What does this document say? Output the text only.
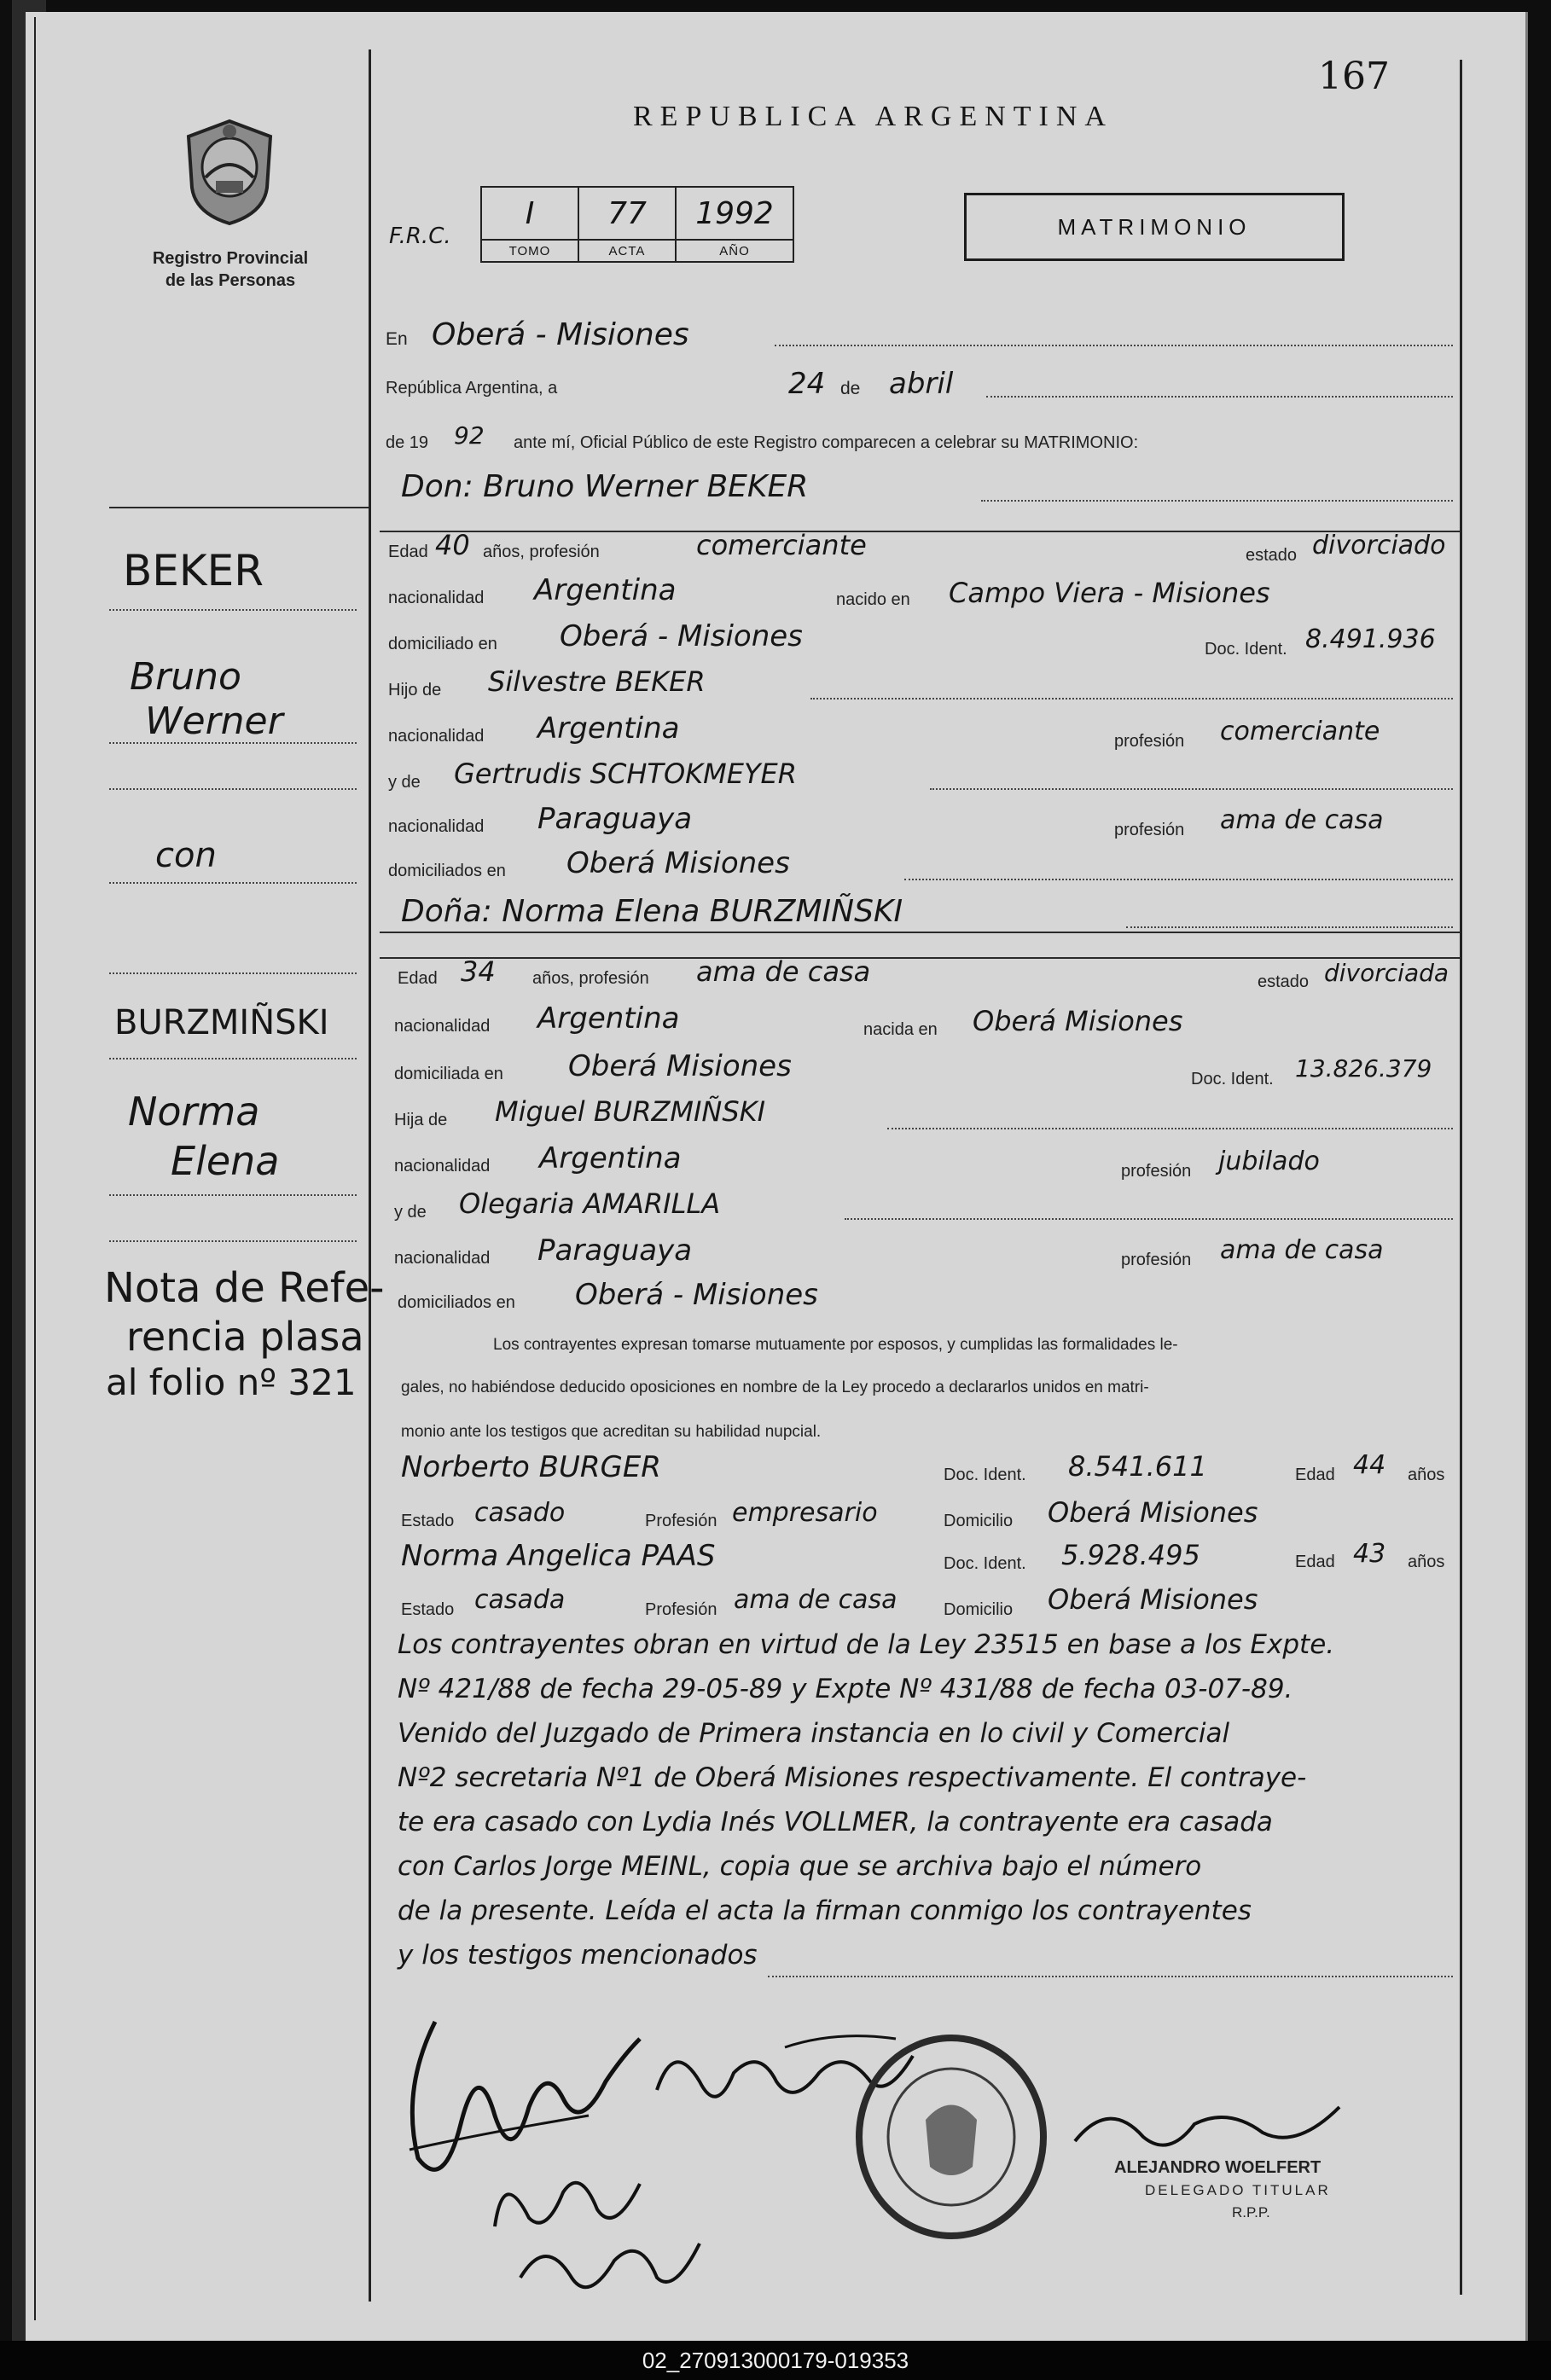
167
REPUBLICA ARGENTINA
Registro Provincial
de las Personas
F.R.C.
I	77	1992
TOMO	ACTA	AÑO
MATRIMONIO
En Oberá - Misiones
República Argentina, a	24 de abril
de 19 92 ante mí, Oficial Público de este Registro comparecen a celebrar su MATRIMONIO:
Don: Bruno Werner BEKER
Edad 40 años, profesión	comerciante	estado divorciado
nacionalidad Argentina	nacido en Campo Viera - Misiones
domiciliado en Oberá - Misiones	Doc. Ident. 8.491.936
Hijo de Silvestre BEKER
nacionalidad Argentina	profesión comerciante
y de Gertrudis SCHTOKMEYER
nacionalidad Paraguaya	profesión ama de casa
domiciliados en Oberá Misiones
Doña: Norma Elena BURZMIÑSKI
Edad 34 años, profesión ama de casa	estado divorciada
nacionalidad Argentina	nacida en Oberá Misiones
domiciliada en Oberá Misiones	Doc. Ident. 13.826.379
Hija de Miguel BURZMIÑSKI
nacionalidad Argentina	profesión jubilado
y de Olegaria AMARILLA
nacionalidad Paraguaya	profesión ama de casa
domiciliados en Oberá - Misiones
Los contrayentes expresan tomarse mutuamente por esposos, y cumplidas las formalidades le-
gales, no habiéndose deducido oposiciones en nombre de la Ley procedo a declararlos unidos en matri-
monio ante los testigos que acreditan su habilidad nupcial.
Norberto BURGER	Doc. Ident. 8.541.611	Edad 44 años
Estado casado	Profesión empresario	Domicilio Oberá Misiones
Norma Angelica PAAS	Doc. Ident. 5.928.495	Edad 43 años
Estado casada	Profesión ama de casa	Domicilio Oberá Misiones
Los contrayentes obran en virtud de la Ley 23515 en base a los Expte.
Nº 421/88 de fecha 29-05-89 y Expte Nº 431/88 de fecha 03-07-89.
Venido del Juzgado de Primera instancia en lo civil y Comercial
Nº2 secretaria Nº1 de Oberá Misiones respectivamente. El contraye-
te era casado con Lydia Inés VOLLMER, la contrayente era casada
con Carlos Jorge MEINL, copia que se archiva bajo el número
de la presente. Leída el acta la firman conmigo los contrayentes
y los testigos mencionados
BEKER
Bruno
Werner
con
BURZMIÑSKI
Norma
Elena
Nota de Refe-
rencia plasa
al folio nº 321
ALEJANDRO WOELFERT
DELEGADO TITULAR
R.P.P.
02_270913000179-019353
